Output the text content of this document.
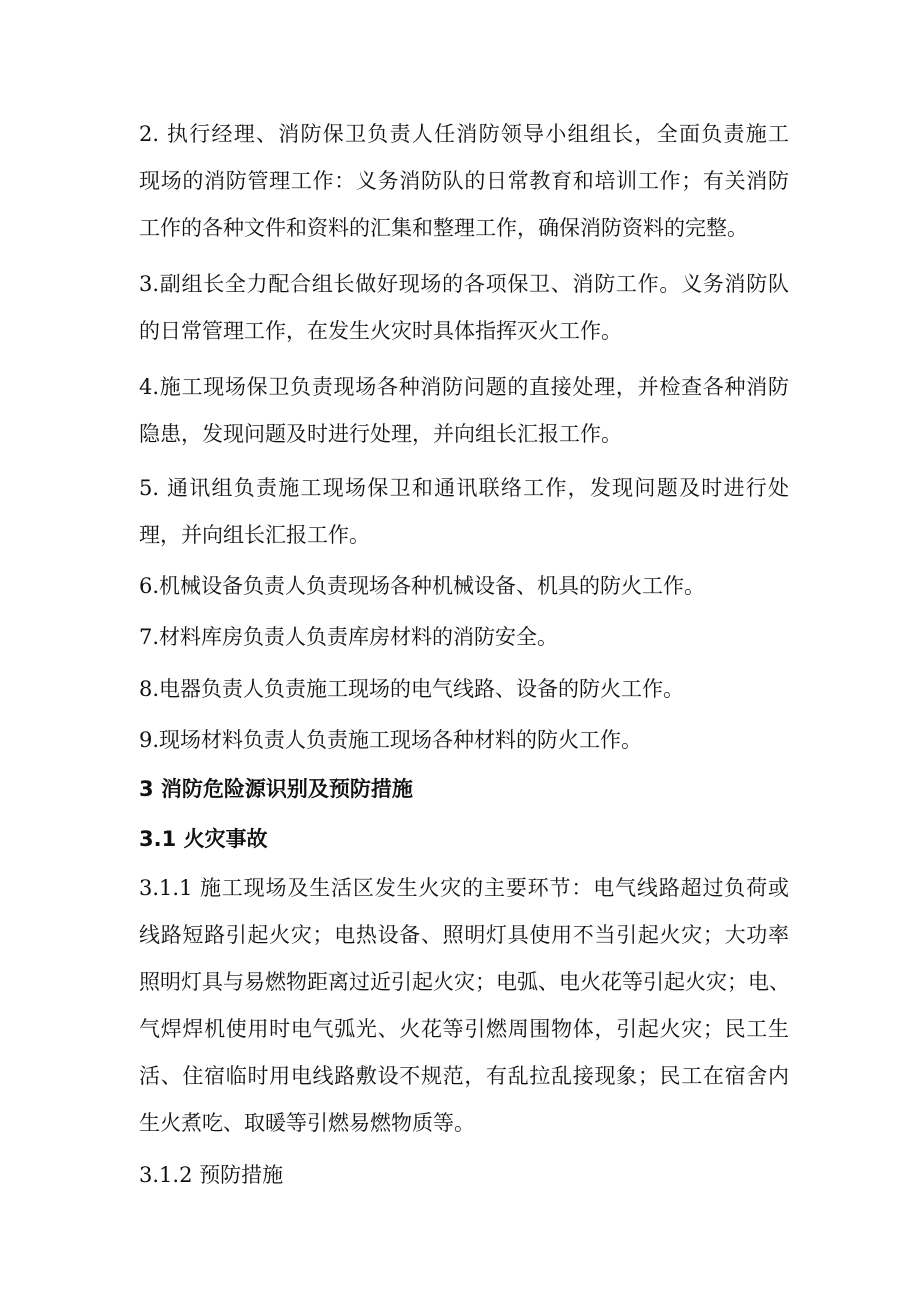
2. 执行经理、消防保卫负责人任消防领导小组组长，全面负责施工
现场的消防管理工作：义务消防队的日常教育和培训工作；有关消防
工作的各种文件和资料的汇集和整理工作，确保消防资料的完整。
3.副组长全力配合组长做好现场的各项保卫、消防工作。义务消防队
的日常管理工作，在发生火灾时具体指挥灭火工作。
4.施工现场保卫负责现场各种消防问题的直接处理，并检查各种消防
隐患，发现问题及时进行处理，并向组长汇报工作。
5. 通讯组负责施工现场保卫和通讯联络工作，发现问题及时进行处
理，并向组长汇报工作。
6.机械设备负责人负责现场各种机械设备、机具的防火工作。
7.材料库房负责人负责库房材料的消防安全。
8.电器负责人负责施工现场的电气线路、设备的防火工作。
9.现场材料负责人负责施工现场各种材料的防火工作。
3 消防危险源识别及预防措施
3.1 火灾事故
3.1.1 施工现场及生活区发生火灾的主要环节：电气线路超过负荷或
线路短路引起火灾；电热设备、照明灯具使用不当引起火灾；大功率
照明灯具与易燃物距离过近引起火灾；电弧、电火花等引起火灾；电、
气焊焊机使用时电气弧光、火花等引燃周围物体，引起火灾；民工生
活、住宿临时用电线路敷设不规范，有乱拉乱接现象；民工在宿舍内
生火煮吃、取暖等引燃易燃物质等。
3.1.2 预防措施
